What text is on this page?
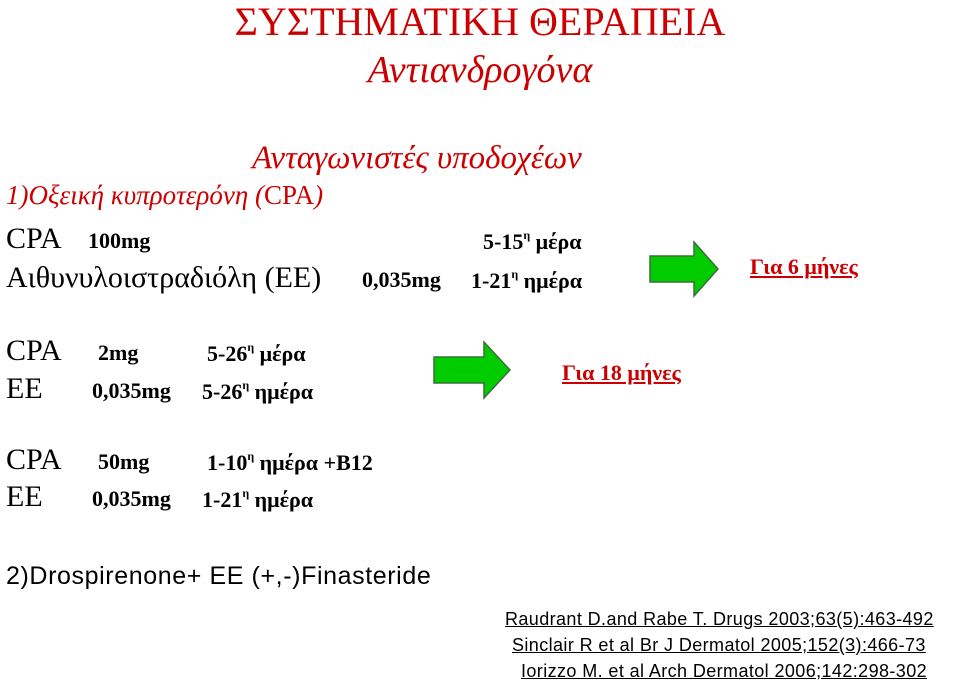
ΣΥΣΤΗΜΑΤΙΚΗ ΘΕΡΑΠΕΙΑ
Αντιανδρογόνα
Ανταγωνιστές υποδοχέων
1)Οξεική κυπροτερόνη (CPA)
CPA 100mg	$5-15^\eta$ μέρα
Αιθυνυλοιστραδιόλη (ΕΕ) 0,035mg $1-21^\eta$ ημέρα
Για 6 μήνες
CPA 2mg	$5-26^\eta$ μέρα
ΕΕ 0,035mg $5-26^\eta$ ημέρα
Για 18 μήνες
CPA 50mg	$1-10^\eta$ ημέρα +B12
ΕΕ 0,035mg $1-21^\eta$ ημέρα
2)Drospirenone+ EE (+,-)Finasteride
Raudrant D.and Rabe T. Drugs 2003;63(5):463-492
Sinclair R et al Br J Dermatol 2005;152(3):466-73
Iorizzo M. et al Arch Dermatol 2006;142:298-302
